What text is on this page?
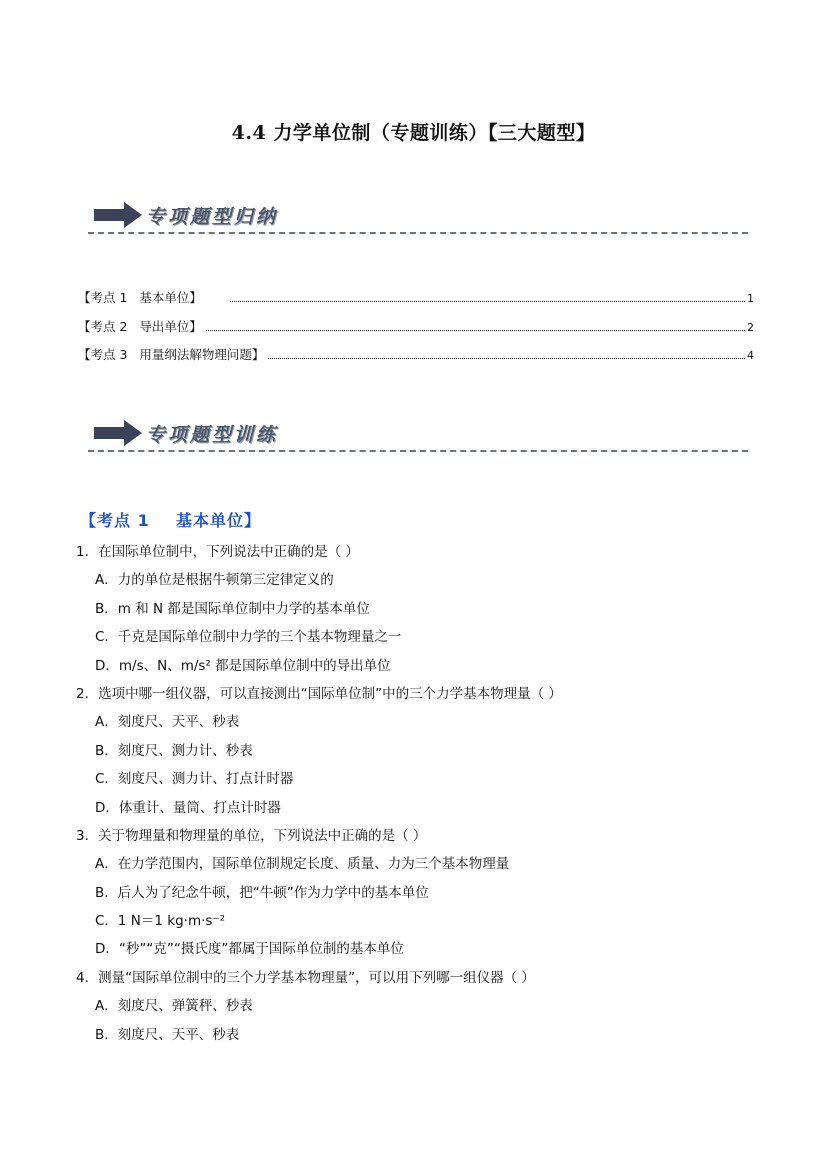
4.4 力学单位制（专题训练）【三大题型】
专项题型归纳
【考点 1   基本单位】	1
【考点 2   导出单位】	2
【考点 3   用量纲法解物理问题】	4
专项题型训练
【考点 1    基本单位】
1．在国际单位制中，下列说法中正确的是（ ）
A．力的单位是根据牛顿第三定律定义的
B．m 和 N 都是国际单位制中力学的基本单位
C．千克是国际单位制中力学的三个基本物理量之一
D．m/s、N、m/s² 都是国际单位制中的导出单位
2．选项中哪一组仪器，可以直接测出“国际单位制”中的三个力学基本物理量（ ）
A．刻度尺、天平、秒表
B．刻度尺、测力计、秒表
C．刻度尺、测力计、打点计时器
D．体重计、量筒、打点计时器
3．关于物理量和物理量的单位，下列说法中正确的是（ ）
A．在力学范围内，国际单位制规定长度、质量、力为三个基本物理量
B．后人为了纪念牛顿，把“牛顿”作为力学中的基本单位
C．1 N＝1 kg·m·s⁻²
D．“秒”“克”“摄氏度”都属于国际单位制的基本单位
4．测量“国际单位制中的三个力学基本物理量”，可以用下列哪一组仪器（ ）
A．刻度尺、弹簧秤、秒表
B．刻度尺、天平、秒表
